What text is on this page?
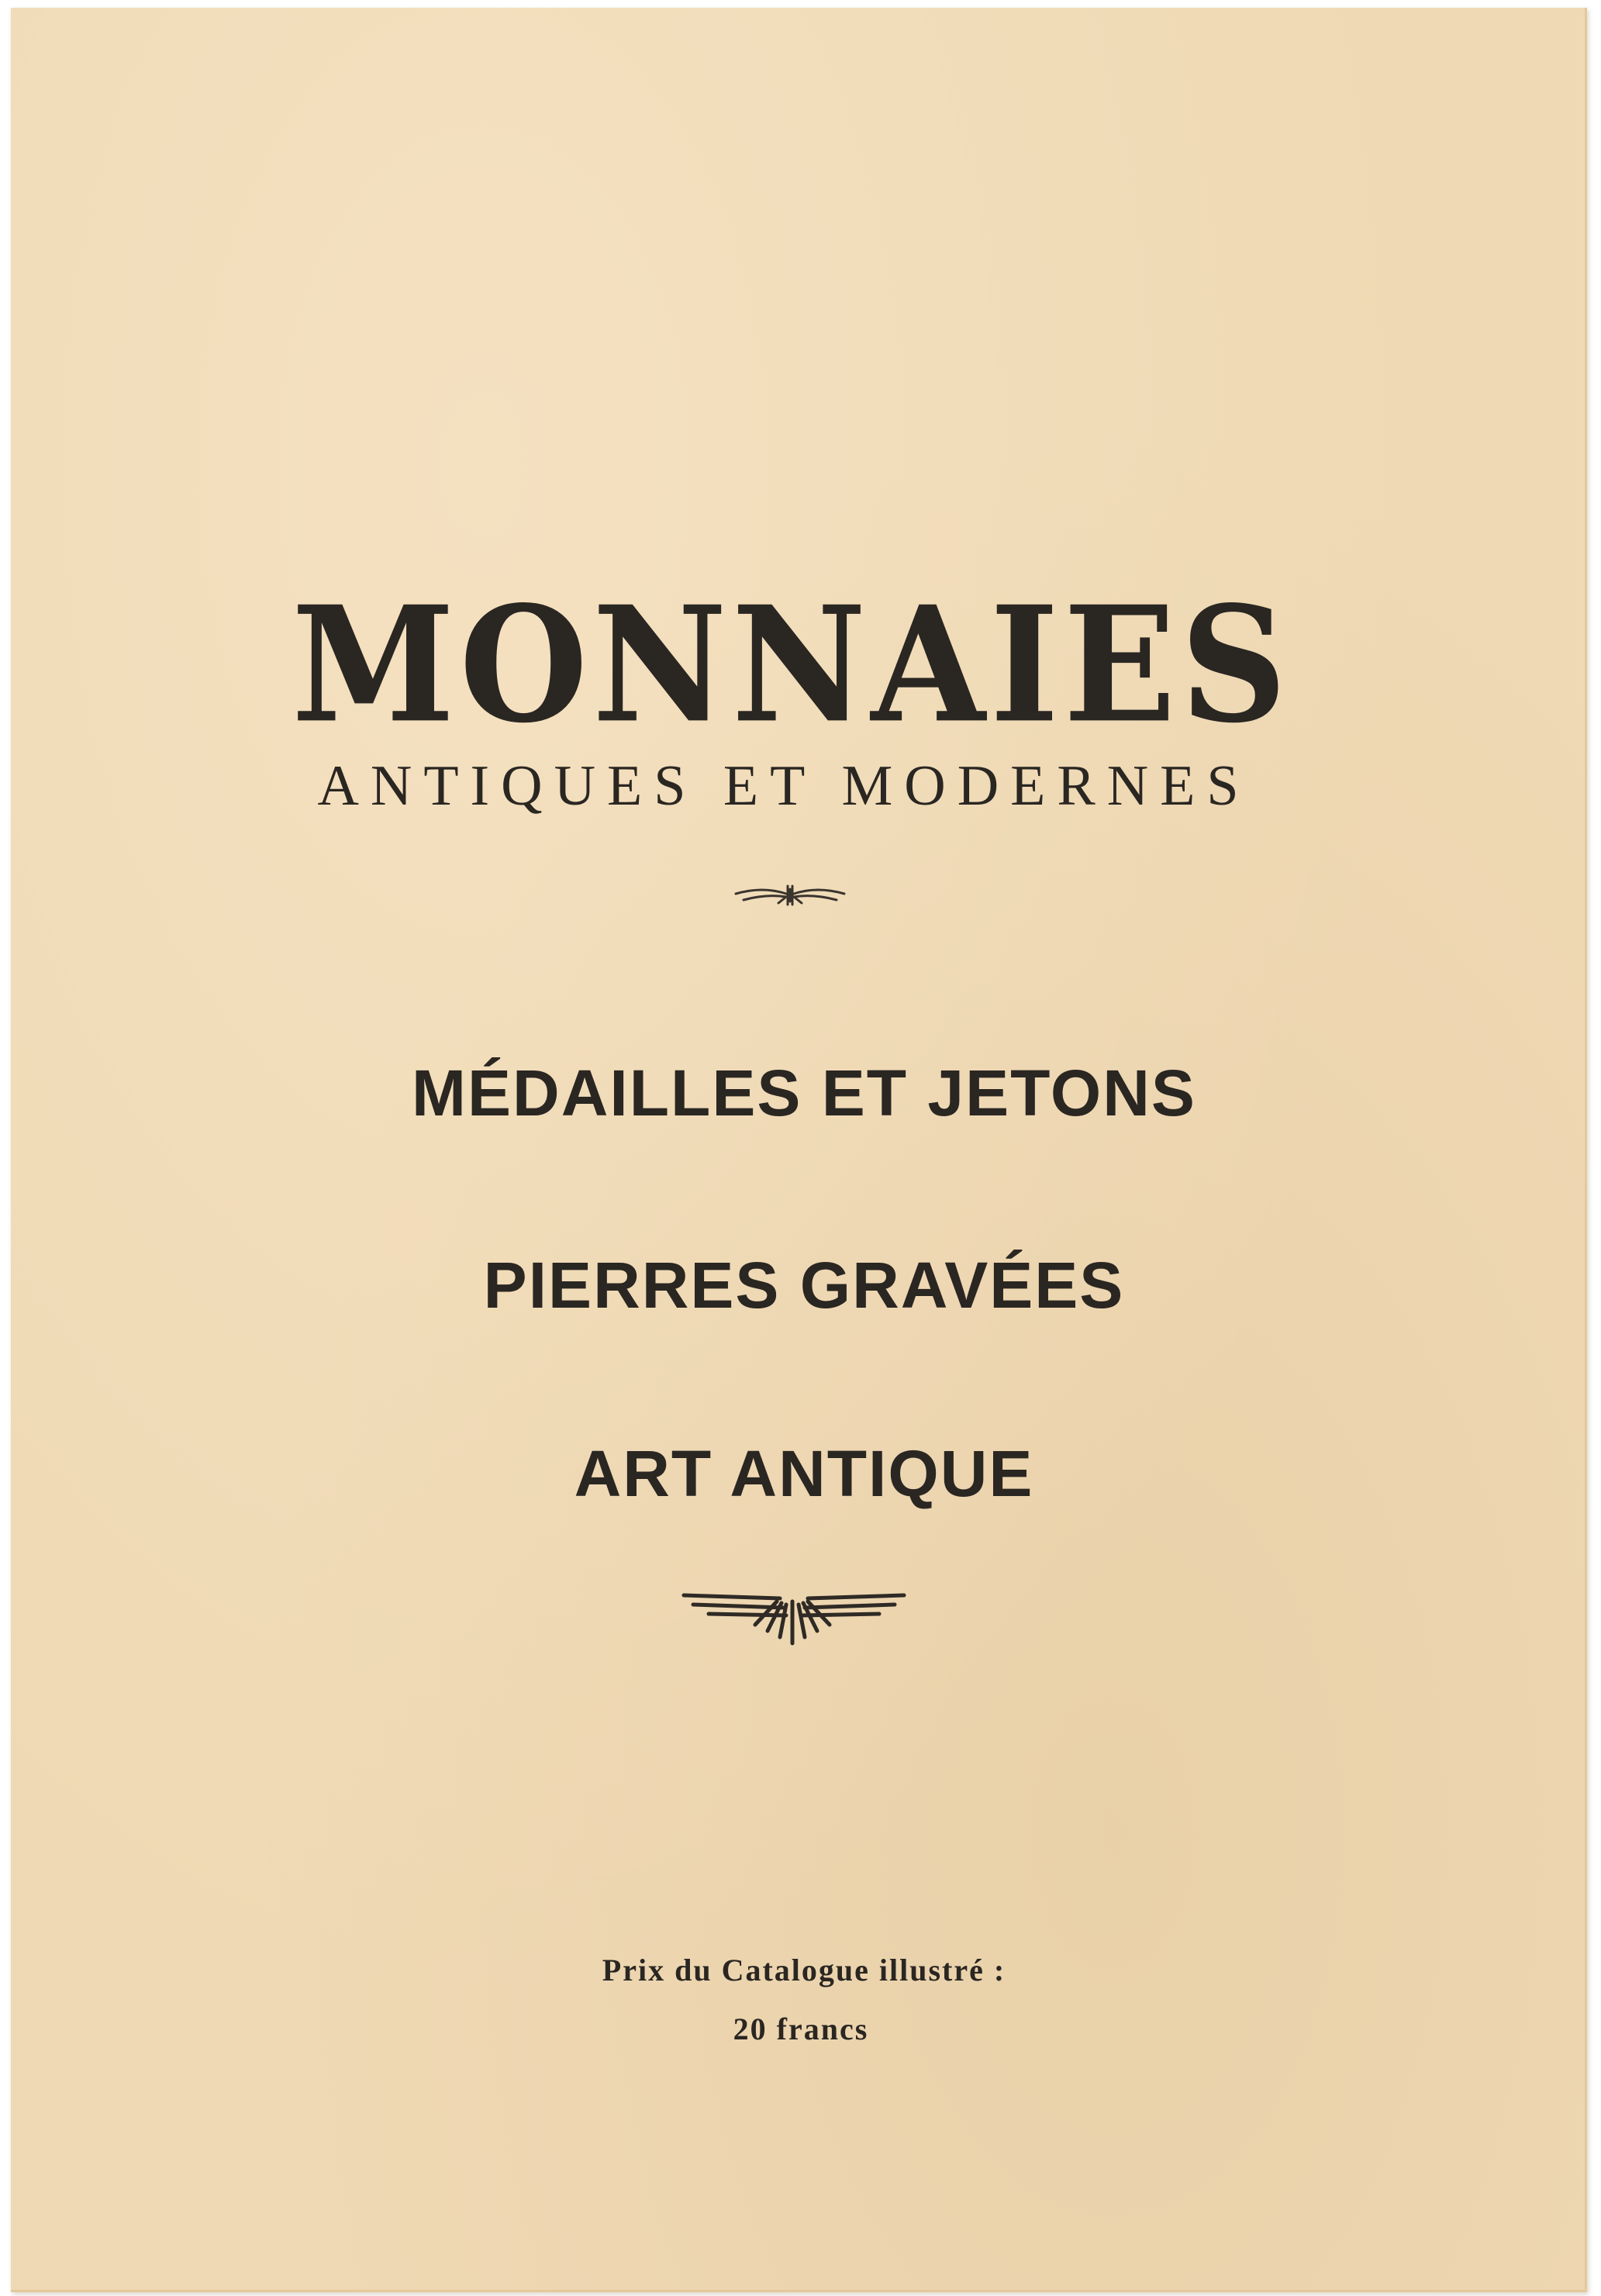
MONNAIES
ANTIQUES ET MODERNES
MÉDAILLES ET JETONS
PIERRES GRAVÉES
ART ANTIQUE
Prix du Catalogue illustré :
20 francs
